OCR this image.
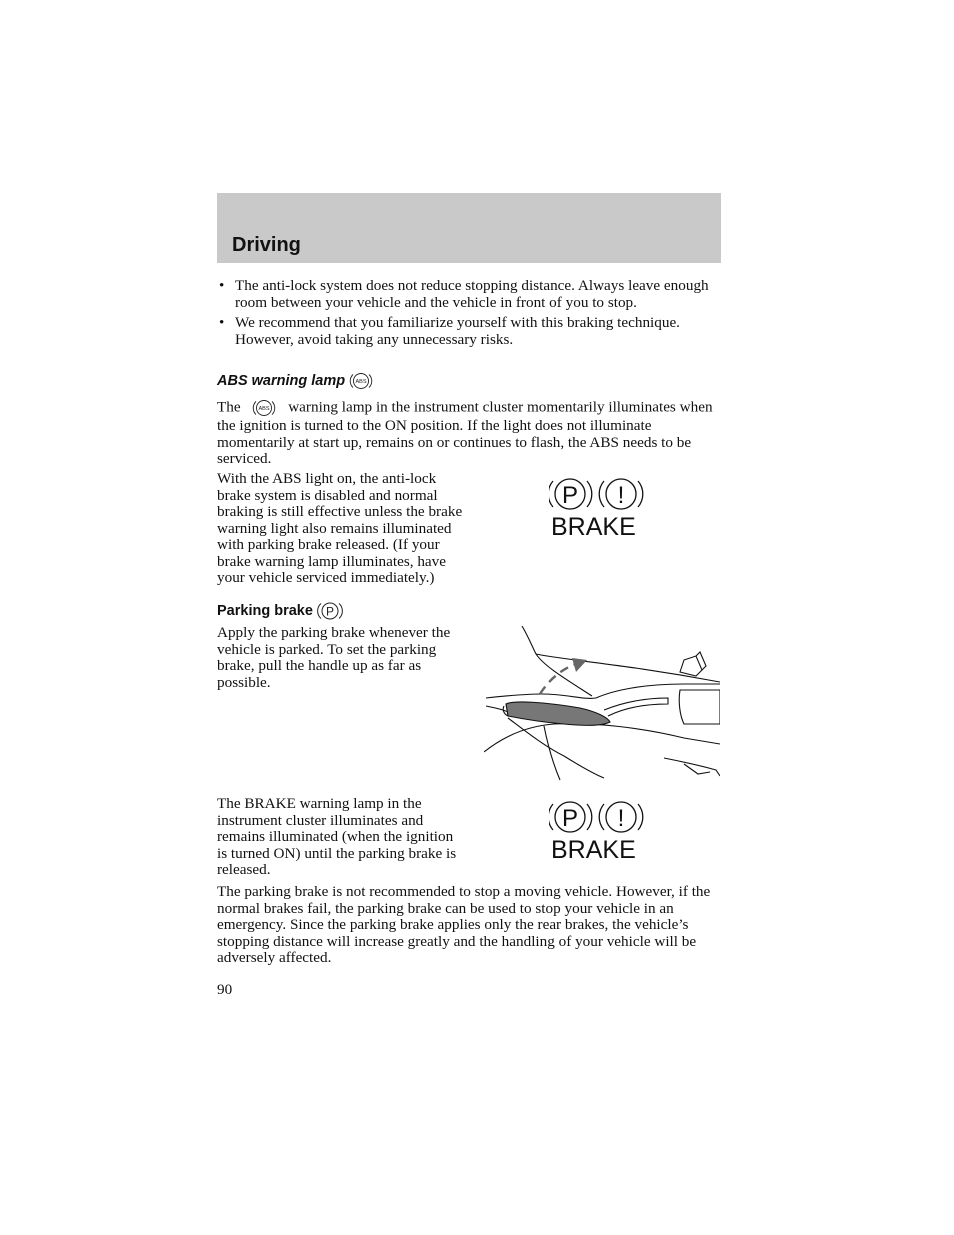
Driving
• The anti-lock system does not reduce stopping distance. Always leave enough room between your vehicle and the vehicle in front of you to stop.
• We recommend that you familiarize yourself with this braking technique. However, avoid taking any unnecessary risks.
ABS warning lamp ABS

The	ABS warning lamp in the instrument cluster momentarily illuminates when the ignition is turned to the ON position. If the light does not illuminate momentarily at start up, remains on or continues to flash, the ABS needs to be serviced.

With the ABS light on, the anti-lock brake system is disabled and normal braking is still effective unless the brake warning light also remains illuminated with parking brake released. (If your brake warning lamp illuminates, have your vehicle serviced immediately.)

P !
BRAKE
Parking brake P

Apply the parking brake whenever the vehicle is parked. To set the parking brake, pull the handle up as far as possible.

The BRAKE warning lamp in the instrument cluster illuminates and remains illuminated (when the ignition is turned ON) until the parking brake is released.

P !
BRAKE

The parking brake is not recommended to stop a moving vehicle. However, if the normal brakes fail, the parking brake can be used to stop your vehicle in an emergency. Since the parking brake applies only the rear brakes, the vehicle’s stopping distance will increase greatly and the handling of your vehicle will be adversely affected.

90
